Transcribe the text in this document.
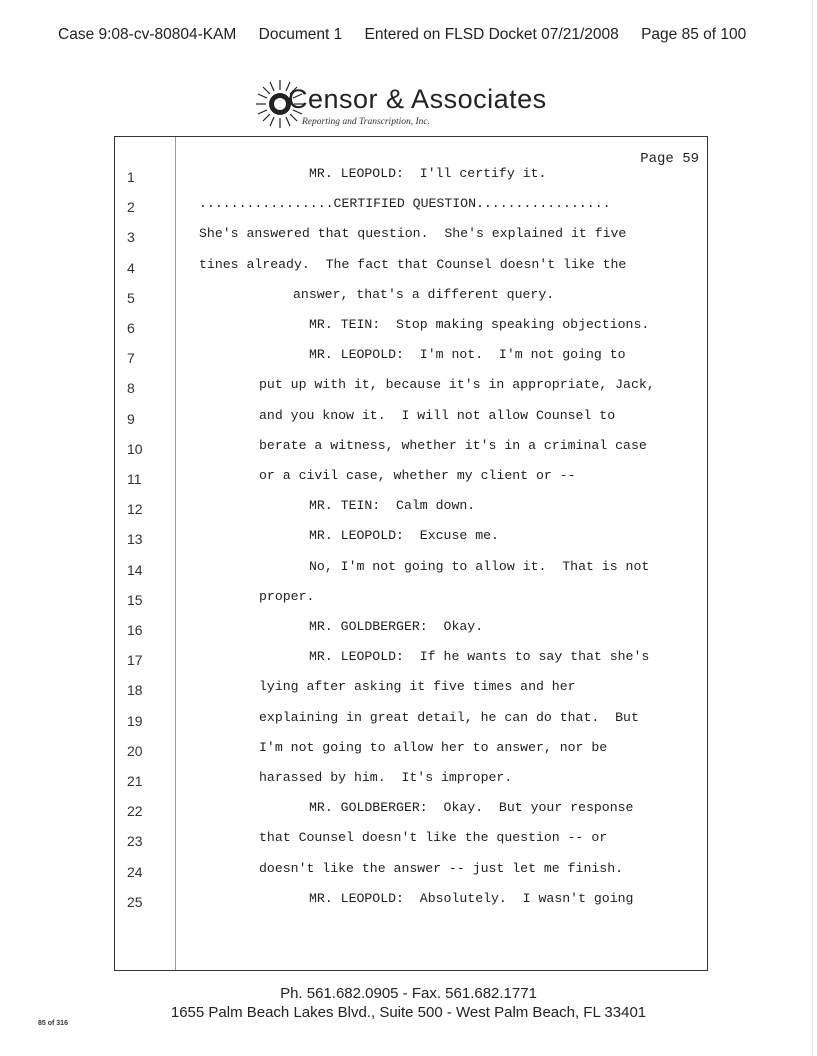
Case 9:08-cv-80804-KAM Document 1 Entered on FLSD Docket 07/21/2008 Page 85 of 100
Censor & Associates
Reporting and Transcription, Inc.
Page 59
1	MR. LEOPOLD:  I'll certify it.
2	.................CERTIFIED QUESTION.................
3	She's answered that question.  She's explained it five
4	tines already.  The fact that Counsel doesn't like the
5	answer, that's a different query.
6	MR. TEIN:  Stop making speaking objections.
7	MR. LEOPOLD:  I'm not.  I'm not going to
8	put up with it, because it's in appropriate, Jack,
9	and you know it.  I will not allow Counsel to
10	berate a witness, whether it's in a criminal case
11	or a civil case, whether my client or --
12	MR. TEIN:  Calm down.
13	MR. LEOPOLD:  Excuse me.
14	No, I'm not going to allow it.  That is not
15	proper.
16	MR. GOLDBERGER:  Okay.
17	MR. LEOPOLD:  If he wants to say that she's
18	lying after asking it five times and her
19	explaining in great detail, he can do that.  But
20	I'm not going to allow her to answer, nor be
21	harassed by him.  It's improper.
22	MR. GOLDBERGER:  Okay.  But your response
23	that Counsel doesn't like the question -- or
24	doesn't like the answer -- just let me finish.
25	MR. LEOPOLD:  Absolutely.  I wasn't going
Ph. 561.682.0905 - Fax. 561.682.1771
1655 Palm Beach Lakes Blvd., Suite 500 - West Palm Beach, FL 33401
85 of 316
